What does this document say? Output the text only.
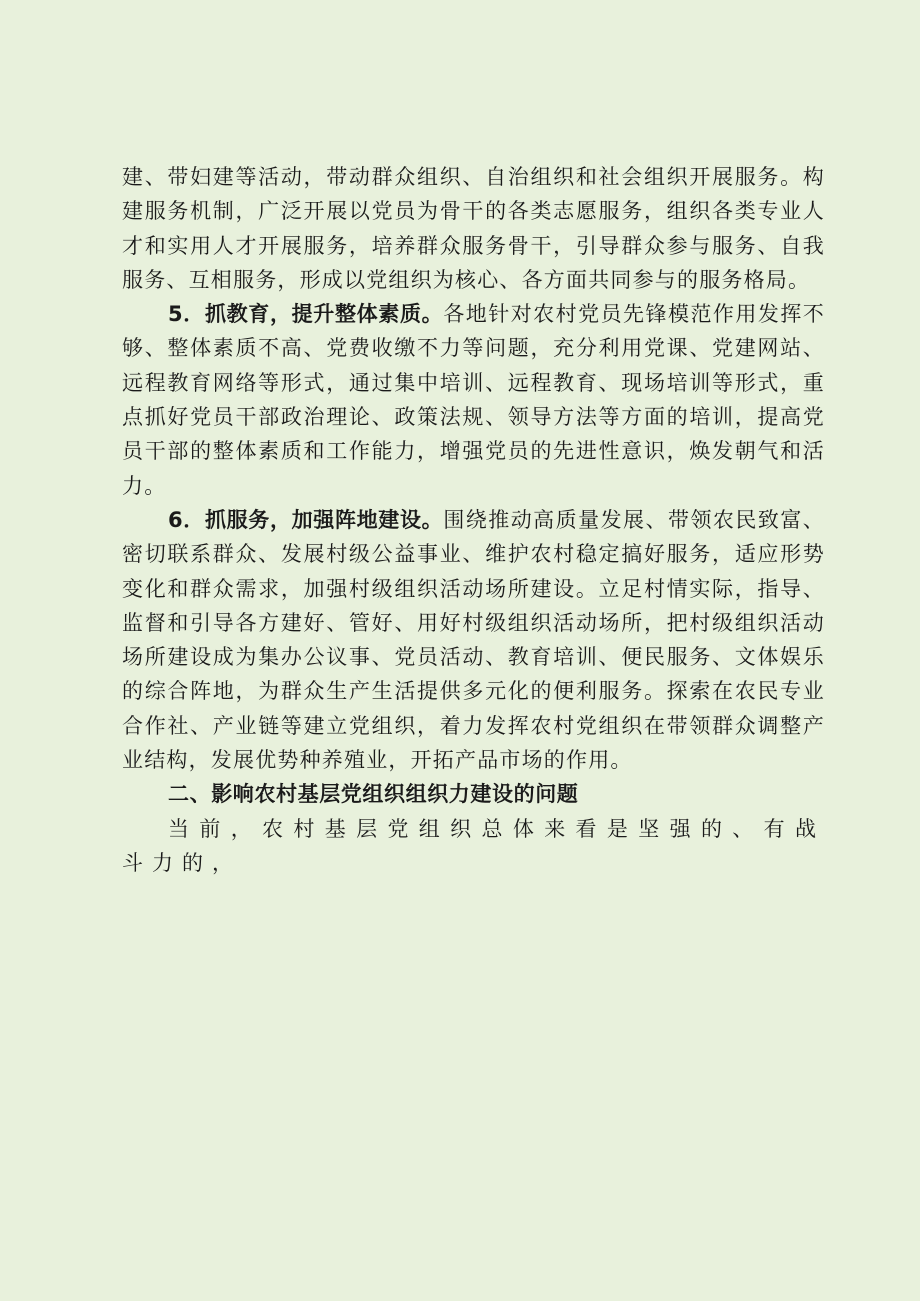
建、带妇建等活动，带动群众组织、自治组织和社会组织开展服务。构建服务机制，广泛开展以党员为骨干的各类志愿服务，组织各类专业人才和实用人才开展服务，培养群众服务骨干，引导群众参与服务、自我服务、互相服务，形成以党组织为核心、各方面共同参与的服务格局。

5．抓教育，提升整体素质。各地针对农村党员先锋模范作用发挥不够、整体素质不高、党费收缴不力等问题，充分利用党课、党建网站、远程教育网络等形式，通过集中培训、远程教育、现场培训等形式，重点抓好党员干部政治理论、政策法规、领导方法等方面的培训，提高党员干部的整体素质和工作能力，增强党员的先进性意识，焕发朝气和活力。

6．抓服务，加强阵地建设。围绕推动高质量发展、带领农民致富、密切联系群众、发展村级公益事业、维护农村稳定搞好服务，适应形势变化和群众需求，加强村级组织活动场所建设。立足村情实际，指导、监督和引导各方建好、管好、用好村级组织活动场所，把村级组织活动场所建设成为集办公议事、党员活动、教育培训、便民服务、文体娱乐的综合阵地，为群众生产生活提供多元化的便利服务。探索在农民专业合作社、产业链等建立党组织，着力发挥农村党组织在带领群众调整产业结构，发展优势种养殖业，开拓产品市场的作用。

二、影响农村基层党组织组织力建设的问题

当前，农村基层党组织总体来看是坚强的、有战斗力的，
